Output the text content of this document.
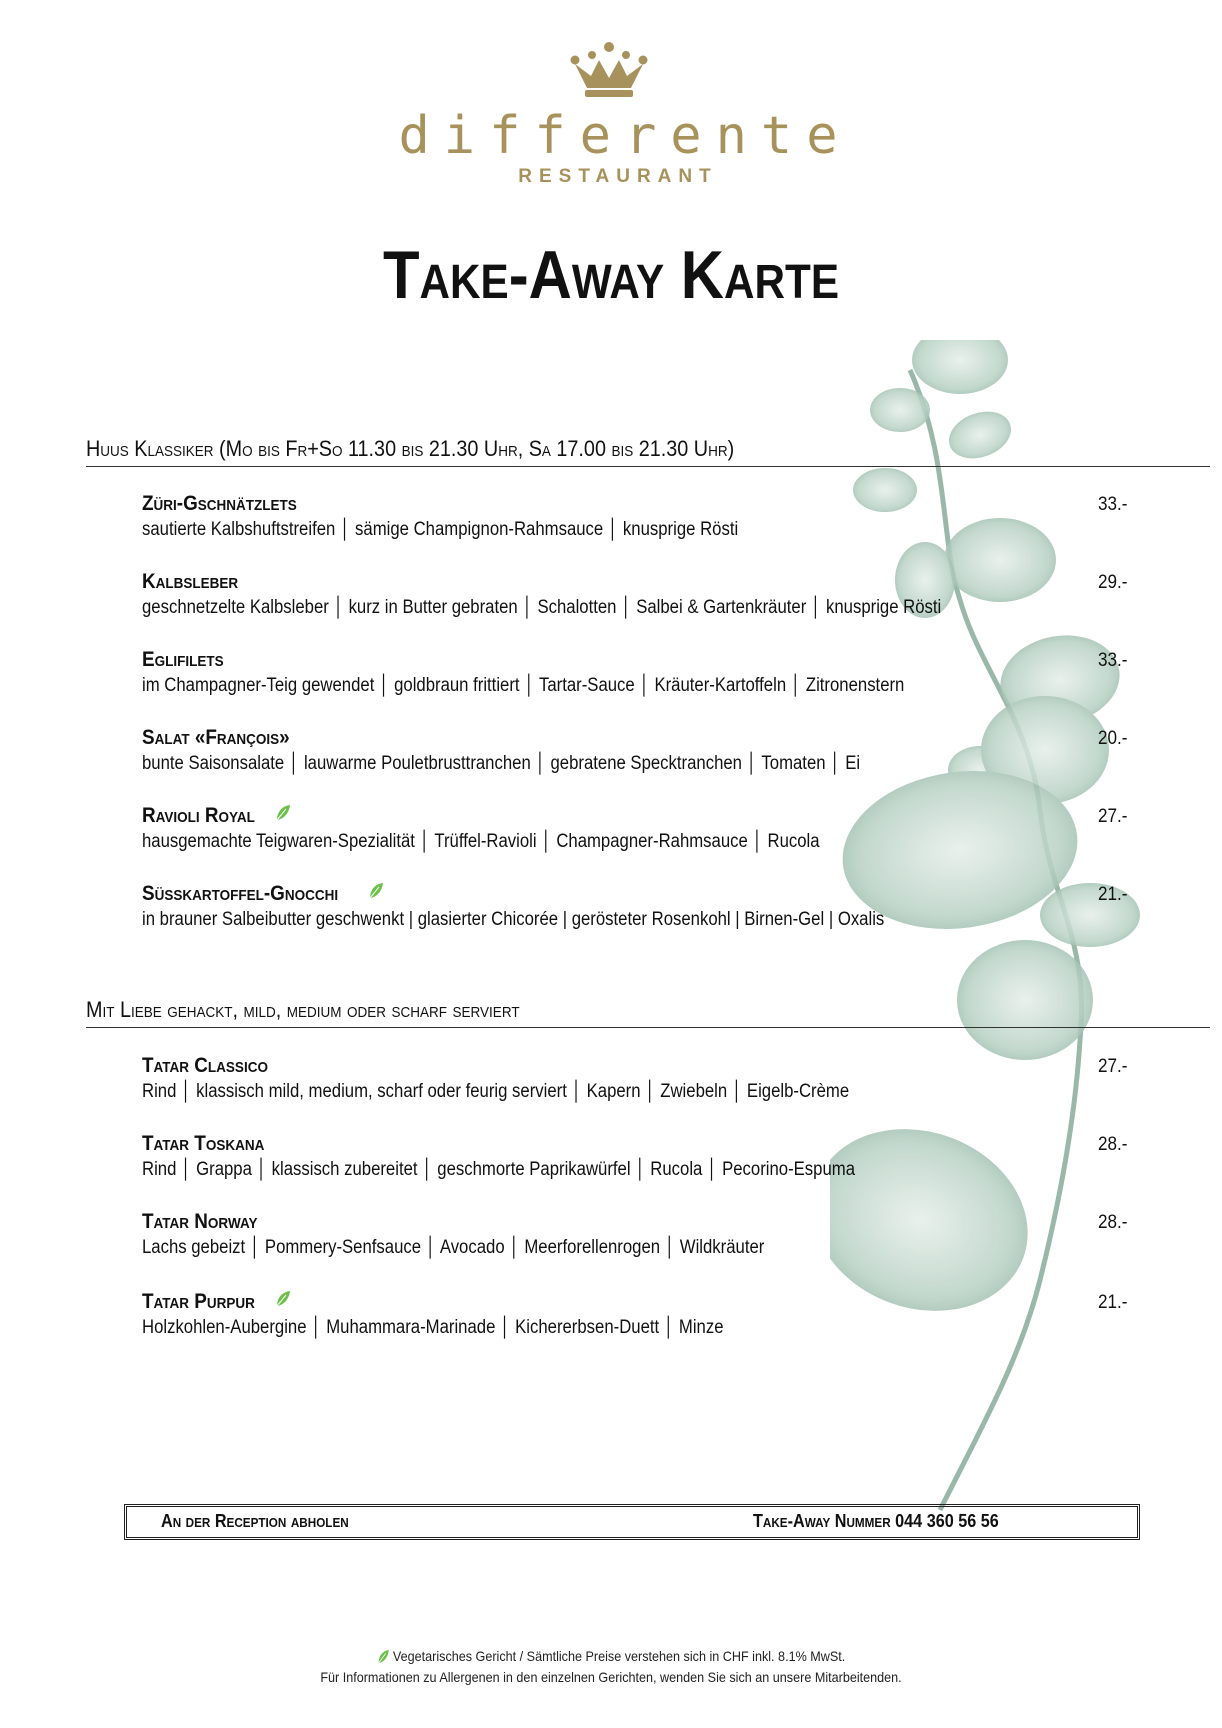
differente
RESTAURANT
Take-Away Karte
Huus Klassiker (Mo bis Fr+So 11.30 bis 21.30 Uhr, Sa 17.00 bis 21.30 Uhr)
Züri-Gschnätzlets	33.-
sautierte Kalbshuftstreifen │ sämige Champignon-Rahmsauce │ knusprige Rösti
Kalbsleber	29.-
geschnetzelte Kalbsleber │ kurz in Butter gebraten │ Schalotten │ Salbei & Gartenkräuter │ knusprige Rösti
Eglifilets	33.-
im Champagner-Teig gewendet │ goldbraun frittiert │ Tartar-Sauce │ Kräuter-Kartoffeln │ Zitronenstern
Salat «François»	20.-
bunte Saisonsalate │ lauwarme Pouletbrusttranchen │ gebratene Specktranchen │ Tomaten │ Ei
Ravioli Royal	27.-
hausgemachte Teigwaren-Spezialität │ Trüffel-Ravioli │ Champagner-Rahmsauce │ Rucola
Süsskartoffel-Gnocchi	21.-
in brauner Salbeibutter geschwenkt | glasierter Chicorée | gerösteter Rosenkohl | Birnen-Gel | Oxalis
Mit Liebe gehackt, mild, medium oder scharf serviert
Tatar Classico	27.-
Rind │ klassisch mild, medium, scharf oder feurig serviert │ Kapern │ Zwiebeln │ Eigelb-Crème
Tatar Toskana	28.-
Rind │ Grappa │ klassisch zubereitet │ geschmorte Paprikawürfel │ Rucola │ Pecorino-Espuma
Tatar Norway	28.-
Lachs gebeizt │ Pommery-Senfsauce │ Avocado │ Meerforellenrogen │ Wildkräuter
Tatar Purpur	21.-
Holzkohlen-Aubergine │ Muhammara-Marinade │ Kichererbsen-Duett │ Minze
An der Reception abholen	Take-Away Nummer 044 360 56 56
Vegetarisches Gericht / Sämtliche Preise verstehen sich in CHF inkl. 8.1% MwSt.
Für Informationen zu Allergenen in den einzelnen Gerichten, wenden Sie sich an unsere Mitarbeitenden.
